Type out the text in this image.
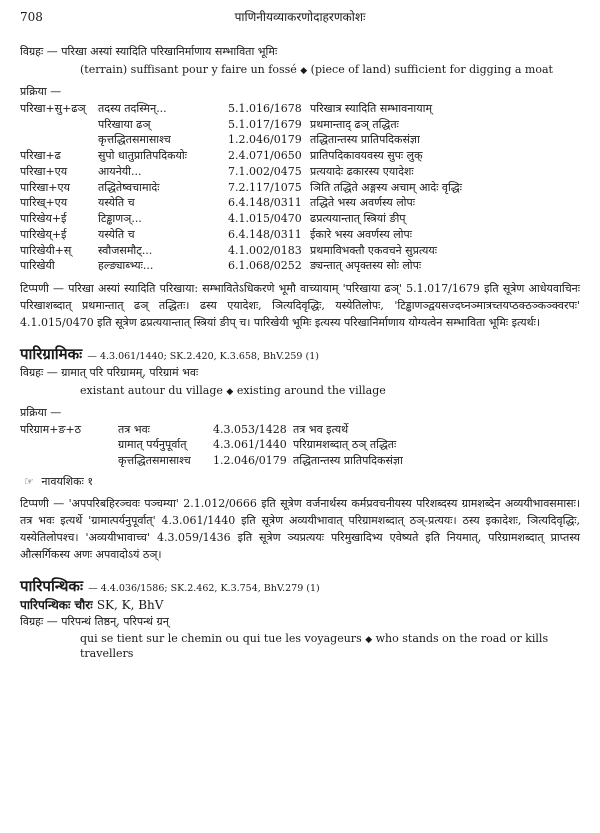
708	पाणिनीयव्याकरणोदाहरणकोशः
विग्रहः — परिखा अस्यां स्यादिति परिखानिर्माणाय सम्भाविता भूमिः
(terrain) suffisant pour y faire un fossé ◆ (piece of land) sufficient for digging a moat
प्रक्रिया —
परिखा+सु+ढञ्	तदस्य तदस्मिन्...	5.1.016/1678	परिखात्र स्यादिति सम्भावनायाम्
	परिखाया ढञ्	5.1.017/1679	प्रथमान्ताद् ढञ् तद्धितः
	कृत्तद्धितसमासाश्च	1.2.046/0179	तद्धितान्तस्य प्रातिपदिकसंज्ञा
परिखा+ढ	सुपो धातुप्रातिपदिकयोः	2.4.071/0650	प्रातिपदिकावयवस्य सुपः लुक्
परिखा+एय	आयनेयी...	7.1.002/0475	प्रत्ययादेः ढकारस्य एयादेशः
पारिखा+एय	तद्धितेष्वचामादेः	7.2.117/1075	ञिति तद्धिते अङ्गस्य अचाम् आदेः वृद्धिः
पारिख्+एय	यस्येति च	6.4.148/0311	तद्धिते भस्य अवर्णस्य लोपः
पारिखेय+ई	टिड्ढाणञ्...	4.1.015/0470	ढप्रत्ययान्तात् स्त्रियां ङीप्
पारिखेय्+ई	यस्येति च	6.4.148/0311	ईकारे भस्य अवर्णस्य लोपः
पारिखेयी+स्	स्वौजसमौट्...	4.1.002/0183	प्रथमाविभक्तौ एकवचने सुप्रत्ययः
पारिखेयी	हल्ङ्याब्भ्यः...	6.1.068/0252	ङ्यन्तात् अपृक्तस्य सोः लोपः
टिप्पणी — परिखा अस्यां स्यादिति परिखाया: सम्भावितेऽधिकरणे भूमौ वाच्यायाम् 'परिखाया ढञ्' 5.1.017/1679 इति सूत्रेण आधेयवाचिनः परिखाशब्दात् प्रथमान्तात् ढञ् तद्धितः। ढस्य एयादेशः, ञित्यदिवृद्धिः, यस्येतिलोपः, 'टिड्ढाणञ्द्वयसज्दघ्नञ्मात्रच्तयप्ठक्ठञ्कञ्क्वरपः' 4.1.015/0470 इति सूत्रेण ढप्रत्ययान्तात् स्त्रियां ङीप् च। पारिखेयी भूमिः इत्यस्य परिखानिर्माणाय योग्यत्वेन सम्भाविता भूमिः इत्यर्थः।
पारिग्रामिकः — 4.3.061/1440; SK.2.420, K.3.658, BhV.259 (1)
विग्रहः — ग्रामात् परि परिग्रामम्, परिग्रामं भवः
existant autour du village ◆ existing around the village
प्रक्रिया —
परिग्राम+ङ+ठ	तत्र भवः	4.3.053/1428	तत्र भव इत्यर्थे
	ग्रामात् पर्यनुपूर्वात्	4.3.061/1440	परिग्रामशब्दात् ठञ् तद्धितः
	कृत्तद्धितसमासाश्च	1.2.046/0179	तद्धितान्तस्य प्रातिपदिकसंज्ञा
☞ नावयशिकः १
टिप्पणी — 'अपपरिबहिरञ्चवः पञ्चम्या' 2.1.012/0666 इति सूत्रेण वर्जनार्थस्य कर्मप्रवचनीयस्य परिशब्दस्य ग्रामशब्देन अव्ययीभावसमासः। तत्र भवः इत्यर्थे 'ग्रामात्पर्यनुपूर्वात्' 4.3.061/1440 इति सूत्रेण अव्ययीभावात् परिग्रामशब्दात् ठञ्-प्रत्ययः। ठस्य इकादेशः, ञित्यदिवृद्धिः, यस्येतिलोपश्च। 'अव्ययीभावाच्च' 4.3.059/1436 इति सूत्रेण ञ्यप्रत्ययः परिमुखादिभ्य एवेष्यते इति नियमात्, परिग्रामशब्दात् प्राप्तस्य औत्सर्गिकस्य अणः अपवादोऽयं ठञ्।
पारिपन्थिकः — 4.4.036/1586; SK.2.462, K.3.754, BhV.279 (1)
पारिपन्थिकः चौरः SK, K, BhV
विग्रहः — परिपन्थं तिष्ठन्, परिपन्थं ग्रन्
qui se tient sur le chemin ou qui tue les voyageurs ◆ who stands on the road or kills travellers
